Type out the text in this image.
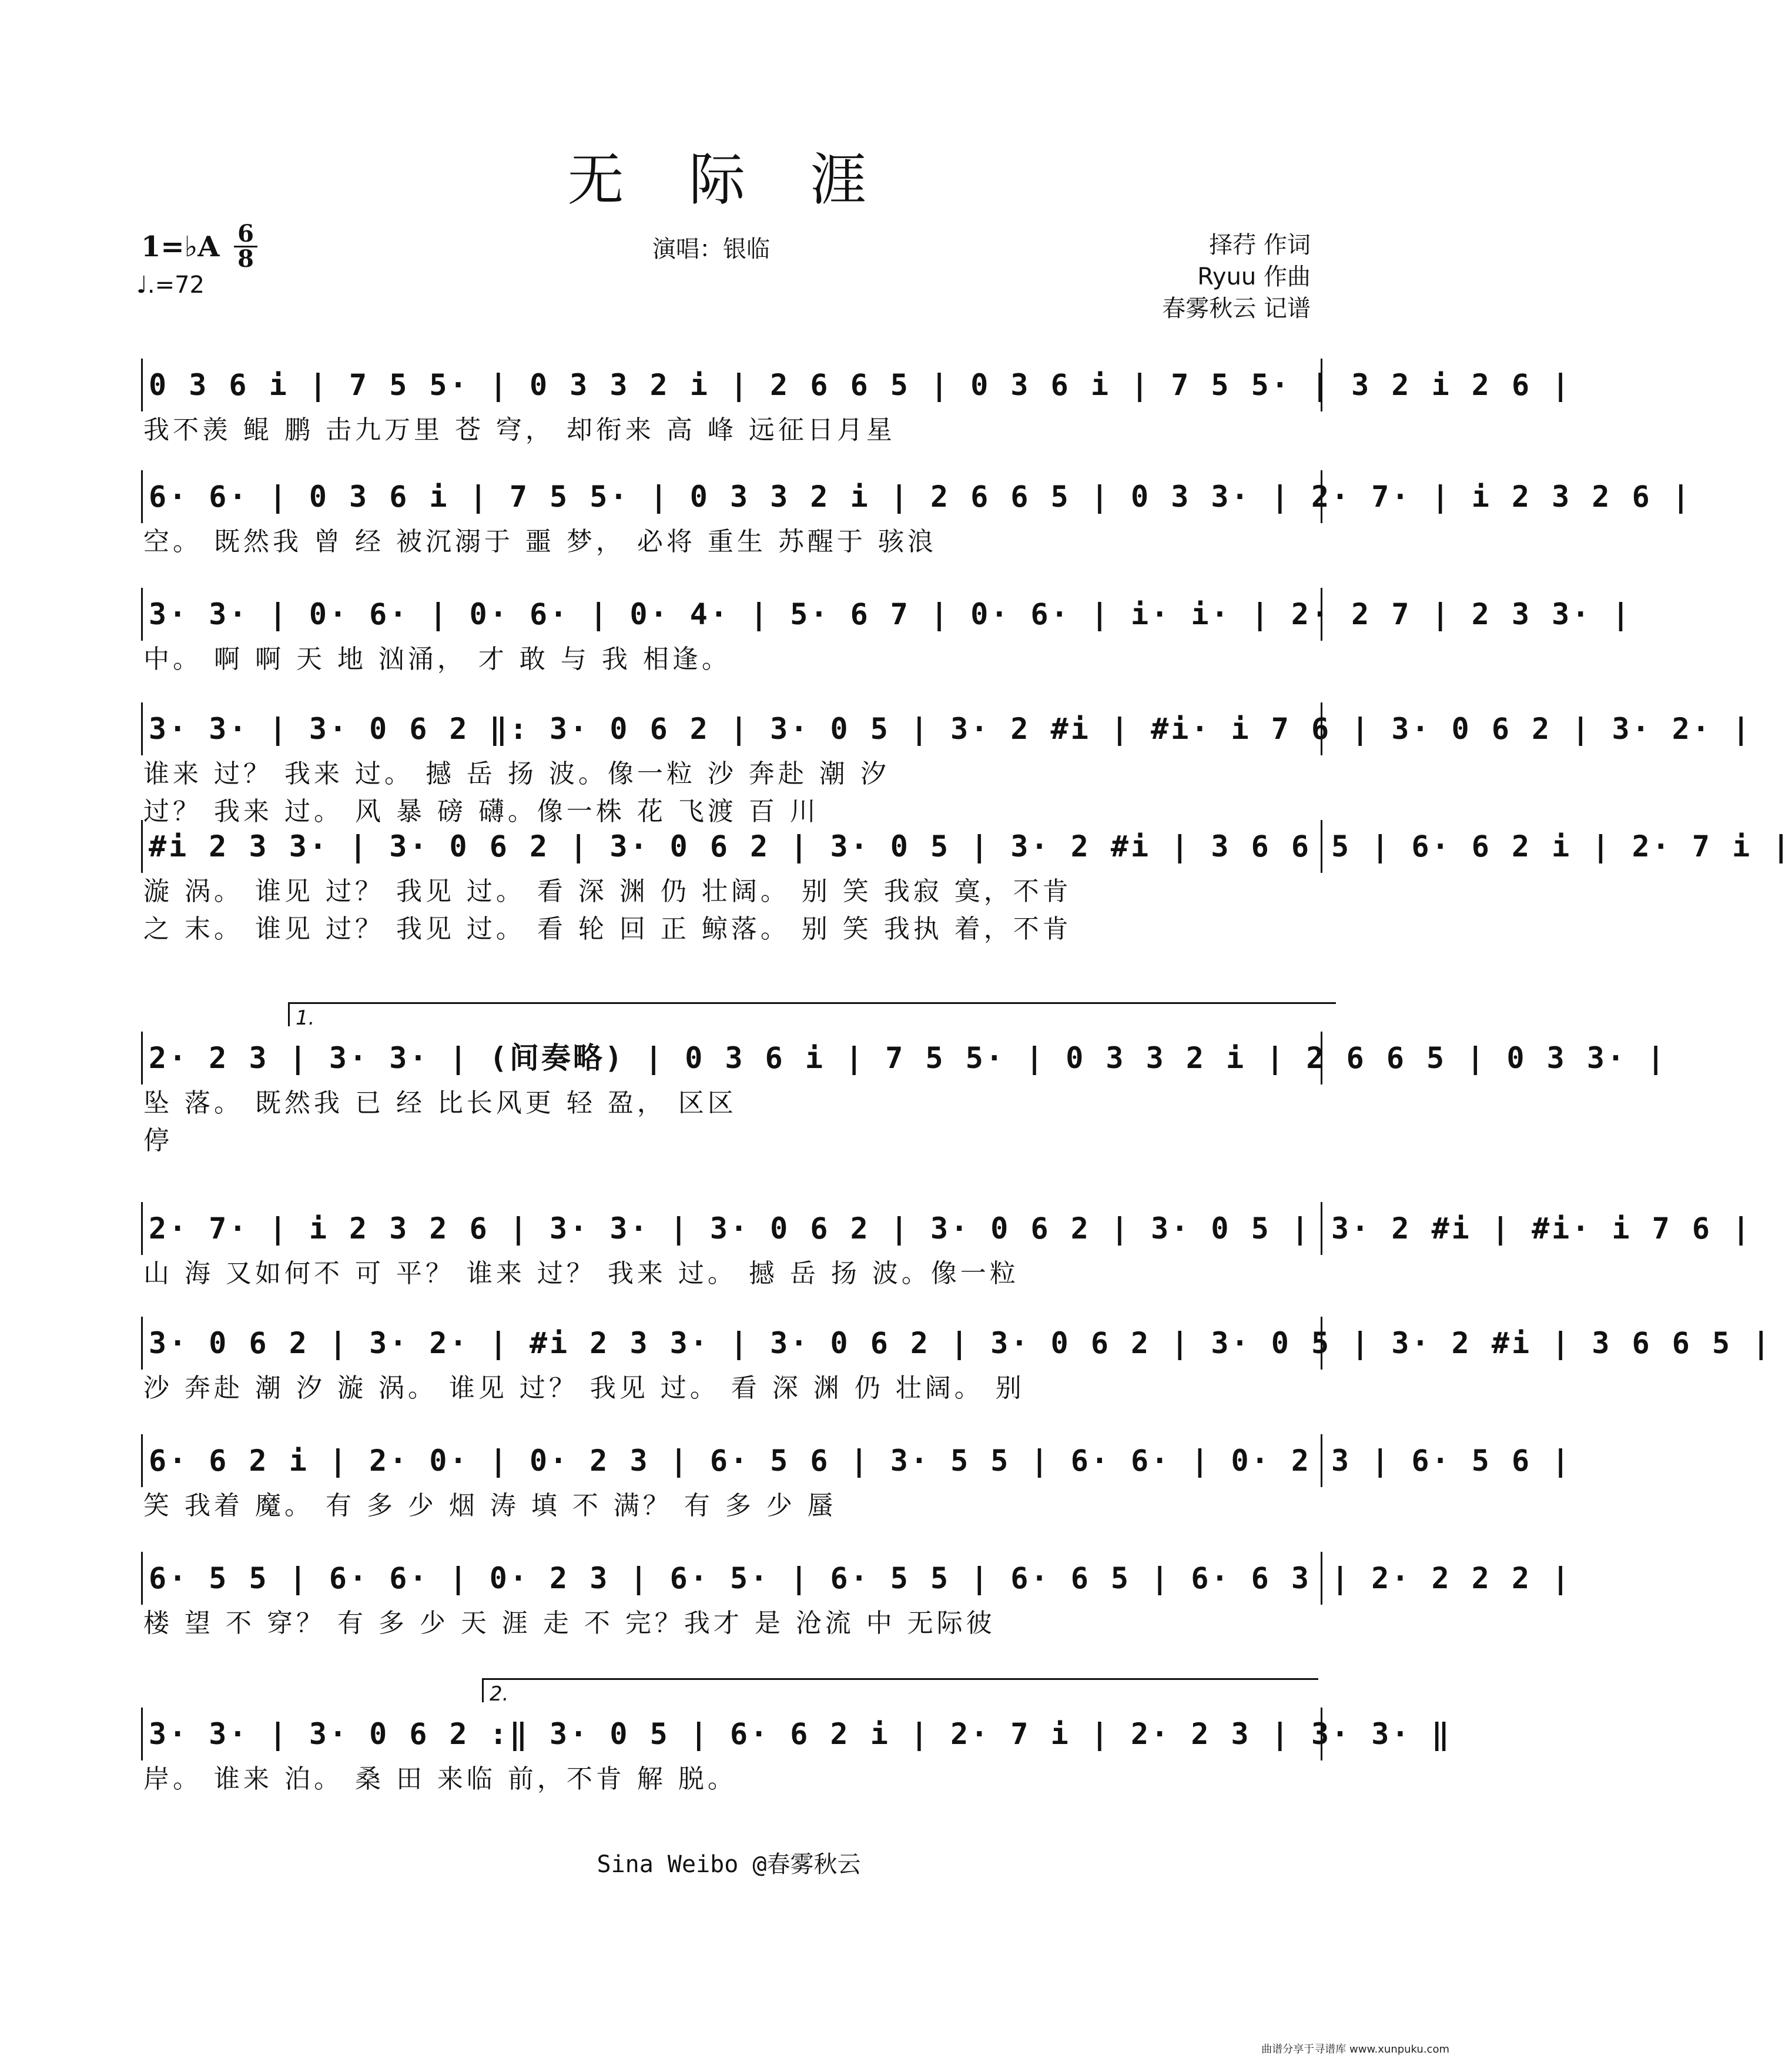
无 际 涯
1=♭A 6
8
♩.=72
演唱：银临	择荇 作词
Ryuu 作曲
春雾秋云 记谱
0 3 6 i | 7 5 5· | 0 3 3 2 i | 2 6 6 5 | 0 3 6 i | 7 5 5· | 3 2 i 2 6 |
我不羡 鲲 鹏 击九万里 苍 穹， 却衔来 高 峰 远征日月星
6· 6· | 0 3 6 i | 7 5 5· | 0 3 3 2 i | 2 6 6 5 | 0 3 3· | 2· 7· | i 2 3 2 6 |
空。 既然我 曾 经 被沉溺于 噩 梦， 必将 重生 苏醒于 骇浪
3· 3· | 0· 6· | 0· 6· | 0· 4· | 5· 6 7 | 0· 6· | i· i· | 2· 2 7 | 2 3 3· |
中。 啊 啊 天 地 汹涌， 才 敢 与 我 相逢。
3· 3· | 3· 0 6 2 ‖: 3· 0 6 2 | 3· 0 5 | 3· 2 #i | #i· i 7 6 | 3· 0 6 2 | 3· 2· |
谁来 过？ 我来 过。 撼 岳 扬 波。像一粒 沙 奔赴 潮 汐
过？ 我来 过。 风 暴 磅 礴。像一株 花 飞渡 百 川
#i 2 3 3· | 3· 0 6 2 | 3· 0 6 2 | 3· 0 5 | 3· 2 #i | 3 6 6 5 | 6· 6 2 i | 2· 7 i |
漩 涡。 谁见 过？ 我见 过。 看 深 渊 仍 壮阔。 别 笑 我寂 寞，不肯
之 末。 谁见 过？ 我见 过。 看 轮 回 正 鲸落。 别 笑 我执 着，不肯
1.
2· 2 3 | 3· 3· | (间奏略) | 0 3 6 i | 7 5 5· | 0 3 3 2 i | 2 6 6 5 | 0 3 3· |
坠 落。 既然我 已 经 比长风更 轻 盈， 区区
停
2· 7· | i 2 3 2 6 | 3· 3· | 3· 0 6 2 | 3· 0 6 2 | 3· 0 5 | 3· 2 #i | #i· i 7 6 |
山 海 又如何不 可 平？ 谁来 过？ 我来 过。 撼 岳 扬 波。像一粒
3· 0 6 2 | 3· 2· | #i 2 3 3· | 3· 0 6 2 | 3· 0 6 2 | 3· 0 5 | 3· 2 #i | 3 6 6 5 |
沙 奔赴 潮 汐 漩 涡。 谁见 过？ 我见 过。 看 深 渊 仍 壮阔。 别
6· 6 2 i | 2· 0· | 0· 2 3 | 6· 5 6 | 3· 5 5 | 6· 6· | 0· 2 3 | 6· 5 6 |
笑 我着 魔。 有 多 少 烟 涛 填 不 满？ 有 多 少 蜃
6· 5 5 | 6· 6· | 0· 2 3 | 6· 5· | 6· 5 5 | 6· 6 5 | 6· 6 3 | 2· 2 2 2 |
楼 望 不 穿？ 有 多 少 天 涯 走 不 完？我才 是 沧流 中 无际彼
2.
3· 3· | 3· 0 6 2 :‖ 3· 0 5 | 6· 6 2 i | 2· 7 i | 2· 2 3 | 3· 3· ‖
岸。 谁来 泊。 桑 田 来临 前，不肯 解 脱。
Sina Weibo @春雾秋云
曲谱分享于寻谱库 www.xunpuku.com
